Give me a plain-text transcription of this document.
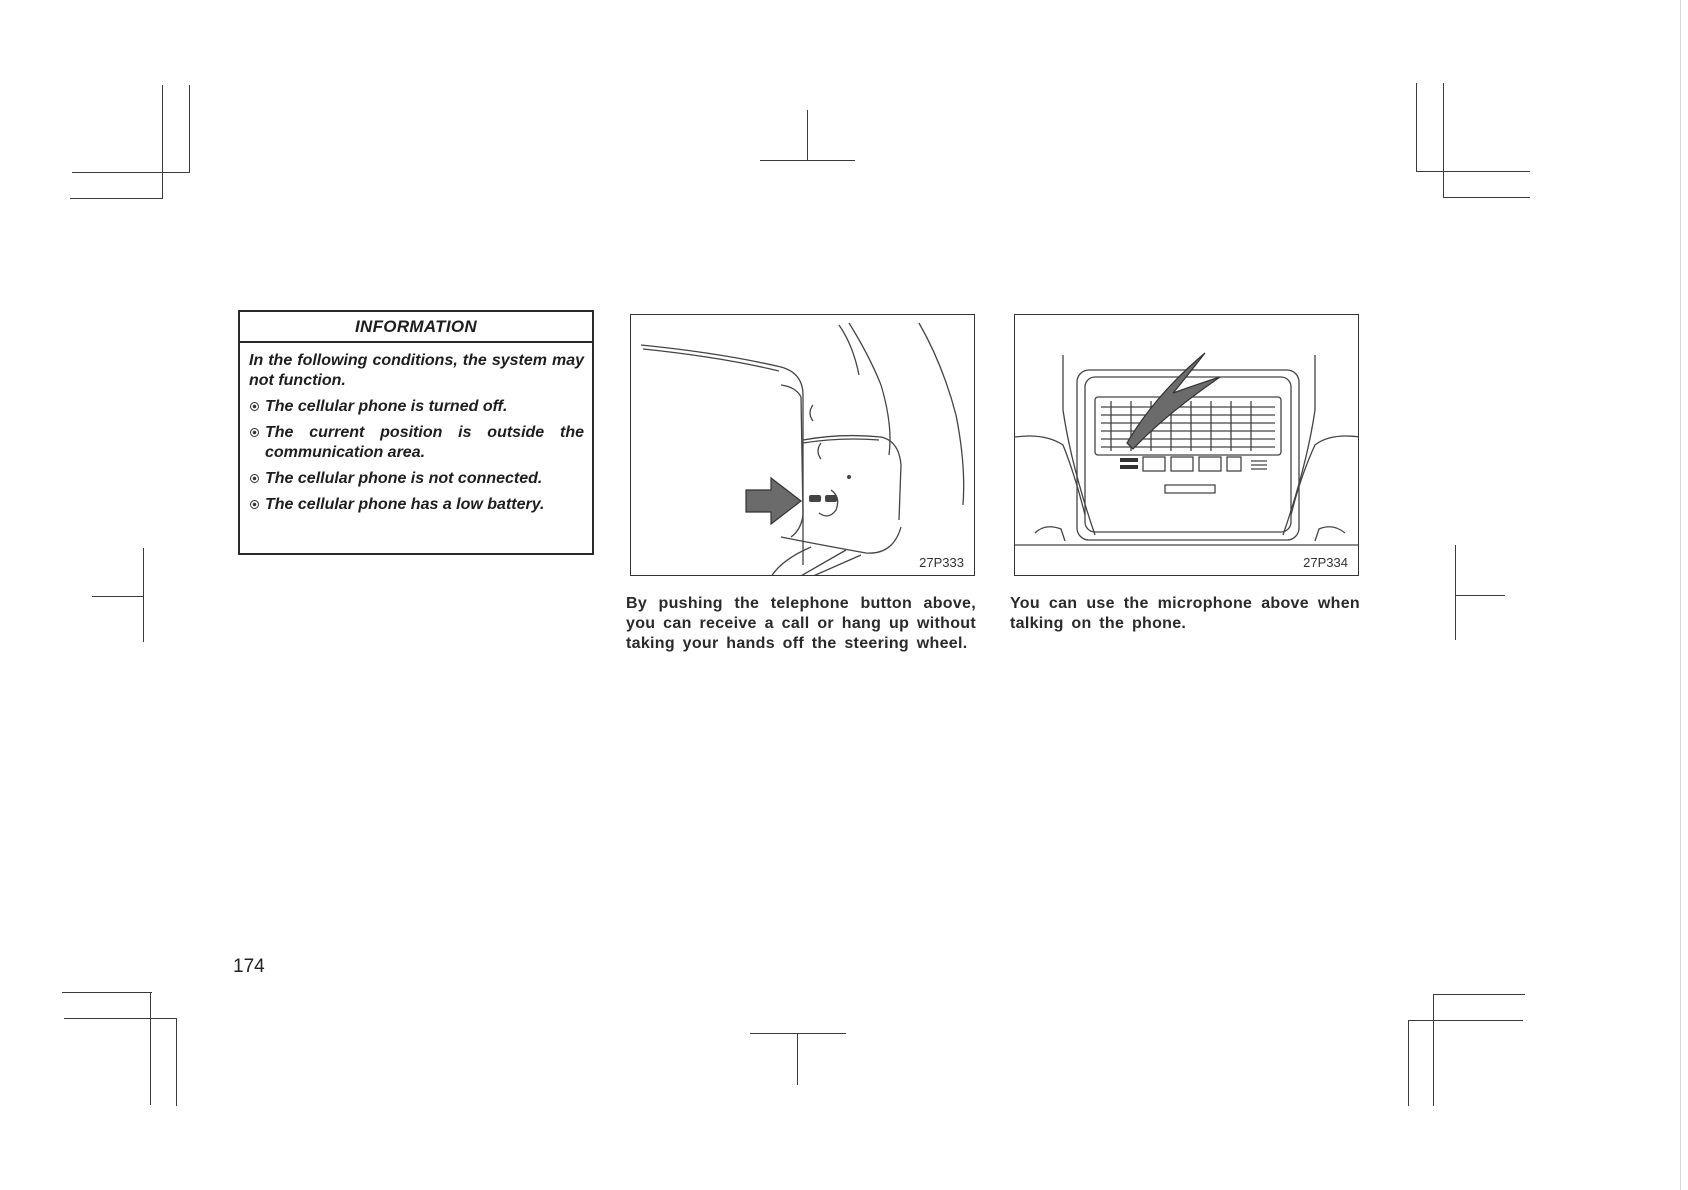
INFORMATION

In the following conditions, the system may not function.

The cellular phone is turned off.
The current position is outside the communication area.
The cellular phone is not connected.
The cellular phone has a low battery.
27P333	27P334
By pushing the telephone button above, you can receive a call or hang up without taking your hands off the steering wheel.
You can use the microphone above when talking on the phone.
174
